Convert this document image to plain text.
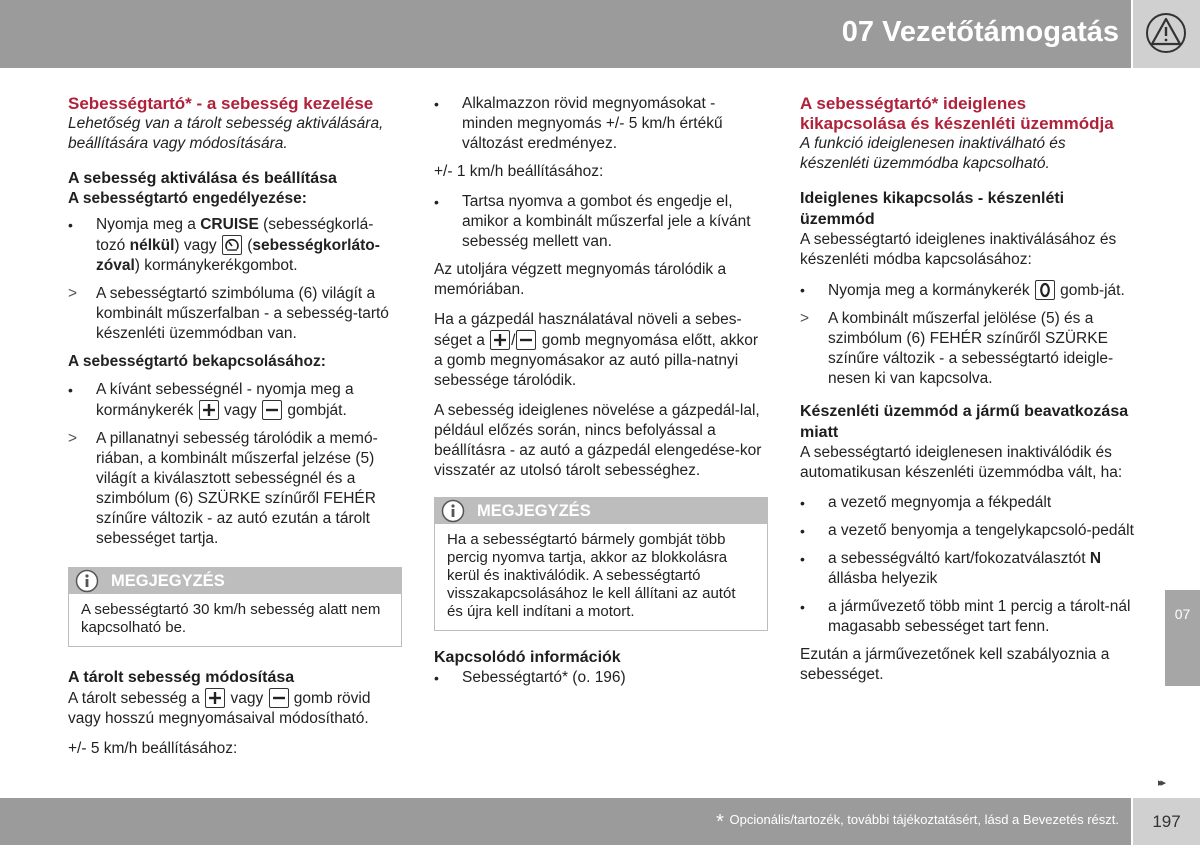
07 Vezetőtámogatás
Sebességtartó* - a sebesség kezelése

Lehetőség van a tárolt sebesség aktiválására, beállítására vagy módosítására.

A sebesség aktiválása és beállítása
A sebességtartó engedélyezése:
•	Nyomja meg a CRUISE (sebességkorlá-tozó nélkül) vagy
(sebességkorláto-zóval) kormánykerékgombot.
>	A sebességtartó szimbóluma (6) világít a kombinált műszerfalban - a sebesség-tartó készenléti üzemmódban van.
A sebességtartó bekapcsolásához:
•	A kívánt sebességnél - nyomja meg a kormánykerék
vagy
gombját.
>	A pillanatnyi sebesség tárolódik a memó-riában, a kombinált műszerfal jelzése (5) világít a kiválasztott sebességnél és a szimbólum (6) SZÜRKE színűről FEHÉR színűre változik - az autó ezután a tárolt sebességet tartja.
MEGJEGYZÉS
A sebességtartó 30 km/h sebesség alatt nem kapcsolható be.
A tárolt sebesség módosítása

A tárolt sebesség a
vagy
gomb rövid vagy hosszú megnyomásaival módosítható.

+/- 5 km/h beállításához:

•	Alkalmazzon rövid megnyomásokat - minden megnyomás +/- 5 km/h értékű változást eredményez.

+/- 1 km/h beállításához:

•	Tartsa nyomva a gombot és engedje el, amikor a kombinált műszerfal jele a kívánt sebesség mellett van.

Az utoljára végzett megnyomás tárolódik a memóriában.

Ha a gázpedál használatával növeli a sebes-séget a
/
gomb megnyomása előtt, akkor a gomb megnyomásakor az autó pilla-natnyi sebessége tárolódik.

A sebesség ideiglenes növelése a gázpedál-lal, például előzés során, nincs befolyással a beállításra - az autó a gázpedál elengedése-kor visszatér az utolsó tárolt sebességhez.

MEGJEGYZÉS
Ha a sebességtartó bármely gombját több percig nyomva tartja, akkor az blokkolásra kerül és inaktiválódik. A sebességtartó visszakapcsolásához le kell állítani az autót és újra kell indítani a motort.
Kapcsolódó információk
•	Sebességtartó* (o. 196)
A sebességtartó* ideiglenes kikapcsolása és készenléti üzemmódja

A funkció ideiglenesen inaktiválható és készenléti üzemmódba kapcsolható.

Ideiglenes kikapcsolás - készenléti üzemmód

A sebességtartó ideiglenes inaktiválásához és készenléti módba kapcsolásához:

•	Nyomja meg a kormánykerék
gomb-ját.
>	A kombinált műszerfal jelölése (5) és a szimbólum (6) FEHÉR színűről SZÜRKE színűre változik - a sebességtartó ideigle-nesen ki van kapcsolva.
Készenléti üzemmód a jármű beavatkozása miatt

A sebességtartó ideiglenesen inaktiválódik és automatikusan készenléti üzemmódba vált, ha:

•	a vezető megnyomja a fékpedált
•	a vezető benyomja a tengelykapcsoló-pedált
•	a sebességváltó kart/fokozatválasztót N állásba helyezik
•	a járművezető több mint 1 percig a tárolt-nál magasabb sebességet tart fenn.

Ezután a járművezetőnek kell szabályoznia a sebességet.

07
▸▸
* Opcionális/tartozék, további tájékoztatásért, lásd a Bevezetés részt.	197
